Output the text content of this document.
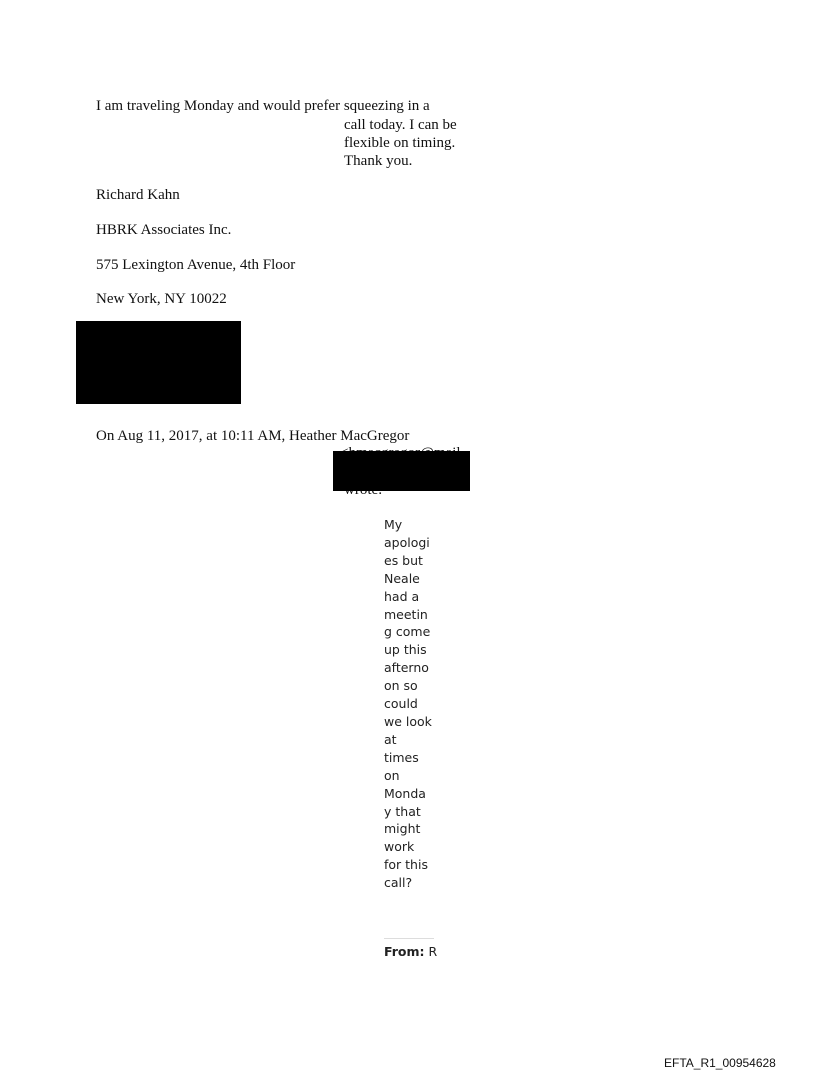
I am traveling Monday and would prefer squeezing in a
call today. I can be
flexible on timing.
Thank you.
Richard Kahn
HBRK Associates Inc.
575 Lexington Avenue, 4th Floor
New York, NY 10022
On Aug 11, 2017, at 10:11 AM, Heather MacGregor
My
apologi
es but
Neale
had a
meetin
g come
up this
afterno
on so
could
we look
at
times
on
Monda
y that
might
work
for this
call?
From: R
EFTA_R1_00954628
